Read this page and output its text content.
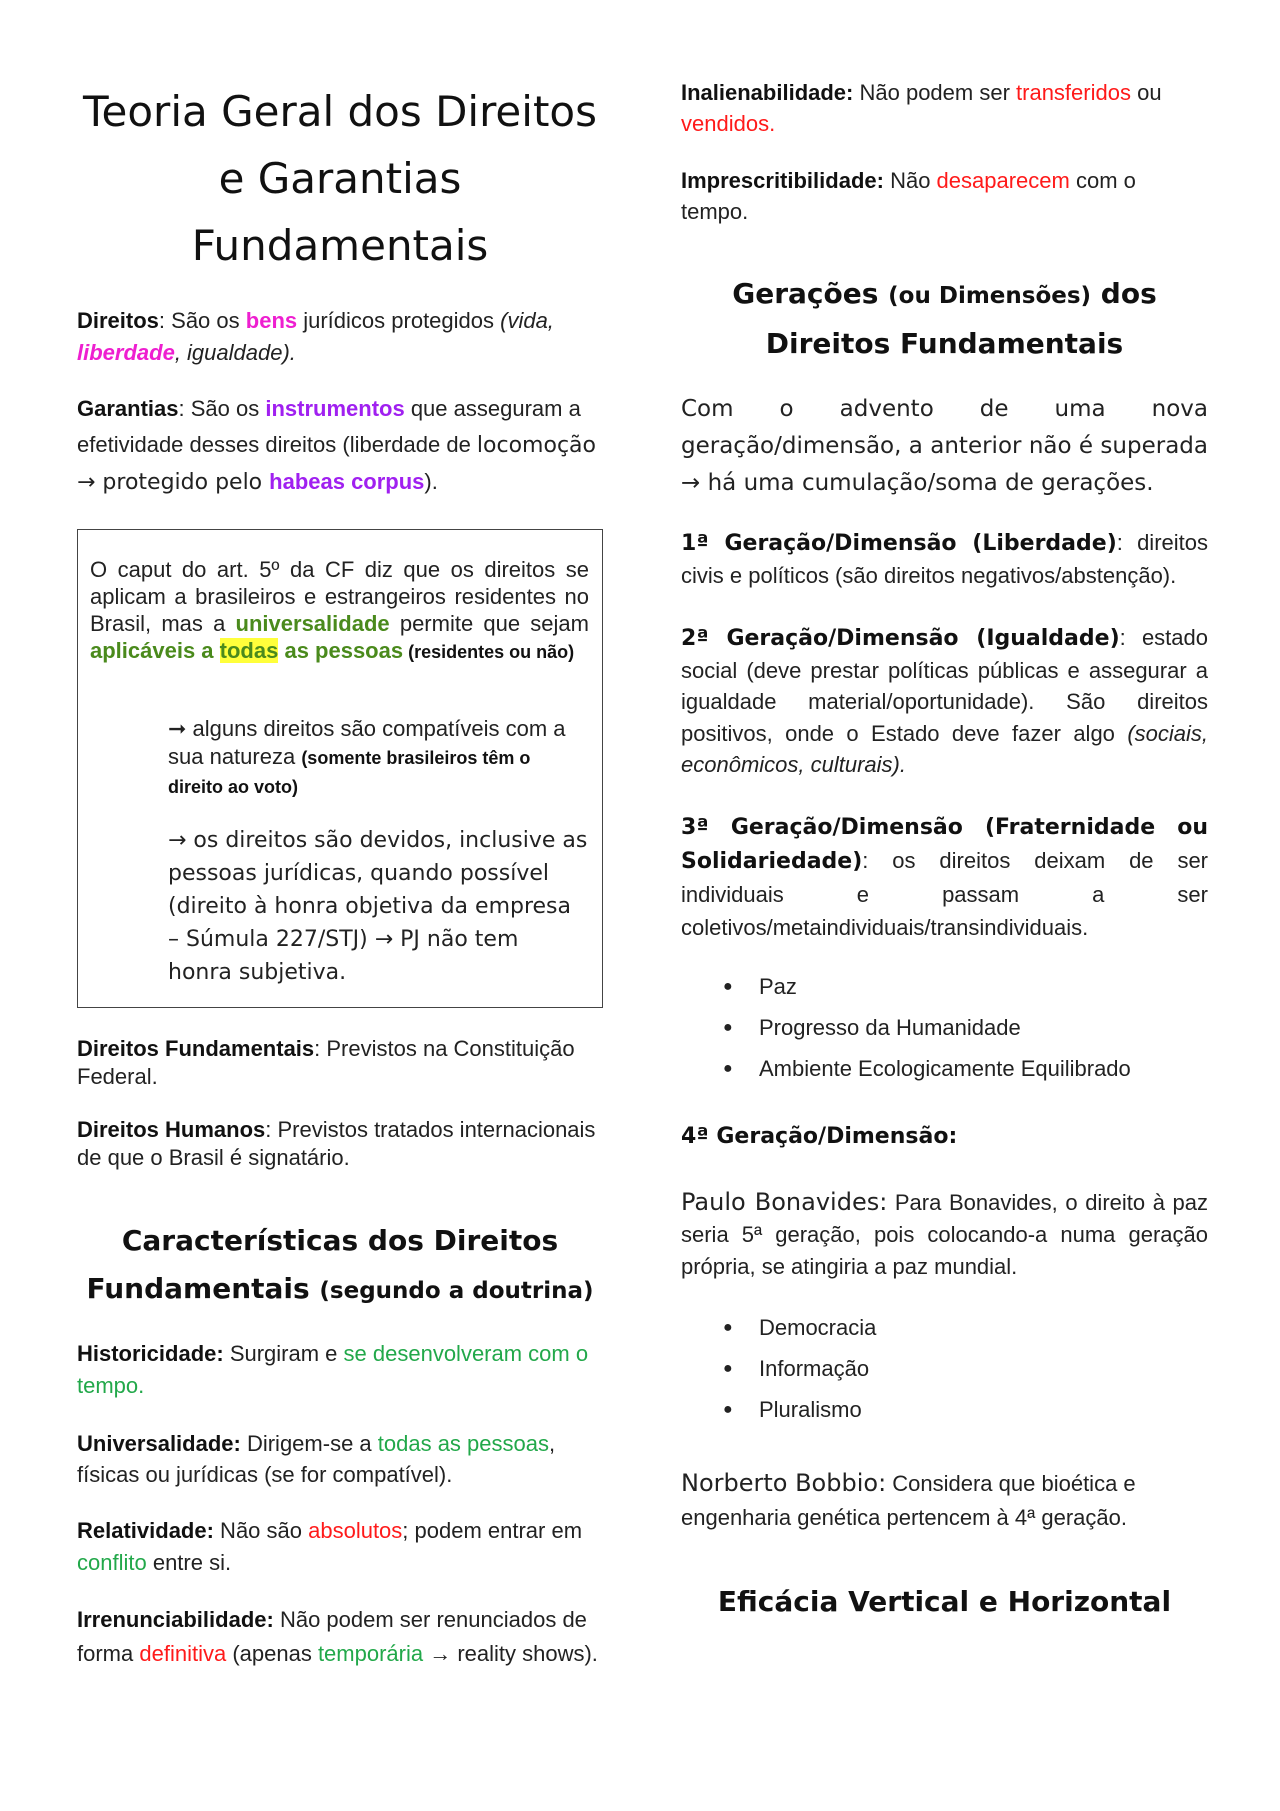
Teoria Geral dos Direitos e Garantias Fundamentais

Direitos: São os bens jurídicos protegidos (vida, liberdade, igualdade).

Garantias: São os instrumentos que asseguram a efetividade desses direitos (liberdade de locomoção → protegido pelo habeas corpus).

O caput do art. 5º da CF diz que os direitos se aplicam a brasileiros e estrangeiros residentes no Brasil, mas a universalidade permite que sejam aplicáveis a todas as pessoas (residentes ou não)

➞ alguns direitos são compatíveis com a sua natureza (somente brasileiros têm o direito ao voto)

→ os direitos são devidos, inclusive as pessoas jurídicas, quando possível (direito à honra objetiva da empresa – Súmula 227/STJ) → PJ não tem honra subjetiva.

Direitos Fundamentais: Previstos na Constituição Federal.

Direitos Humanos: Previstos tratados internacionais de que o Brasil é signatário.

Características dos Direitos
Fundamentais (segundo a doutrina)

Historicidade: Surgiram e se desenvolveram com o tempo.

Universalidade: Dirigem-se a todas as pessoas, físicas ou jurídicas (se for compatível).

Relatividade: Não são absolutos; podem entrar em conflito entre si.

Irrenunciabilidade: Não podem ser renunciados de forma definitiva (apenas temporária → reality shows).

Inalienabilidade: Não podem ser transferidos ou vendidos.

Imprescritibilidade: Não desaparecem com o tempo.

Gerações (ou Dimensões) dos
Direitos Fundamentais

Com o advento de uma nova geração/dimensão, a anterior não é superada → há uma cumulação/soma de gerações.

1ª Geração/Dimensão (Liberdade): direitos civis e políticos (são direitos negativos/abstenção).

2ª Geração/Dimensão (Igualdade): estado social (deve prestar políticas públicas e assegurar a igualdade material/oportunidade). São direitos positivos, onde o Estado deve fazer algo (sociais, econômicos, culturais).

3ª Geração/Dimensão (Fraternidade ou Solidariedade): os direitos deixam de ser individuais e passam a ser coletivos/metaindividuais/transindividuais.

● Paz
● Progresso da Humanidade
● Ambiente Ecologicamente Equilibrado

4ª Geração/Dimensão:

Paulo Bonavides: Para Bonavides, o direito à paz seria 5ª geração, pois colocando-a numa geração própria, se atingiria a paz mundial.

● Democracia
● Informação
● Pluralismo

Norberto Bobbio: Considera que bioética e engenharia genética pertencem à 4ª geração.

Eficácia Vertical e Horizontal
